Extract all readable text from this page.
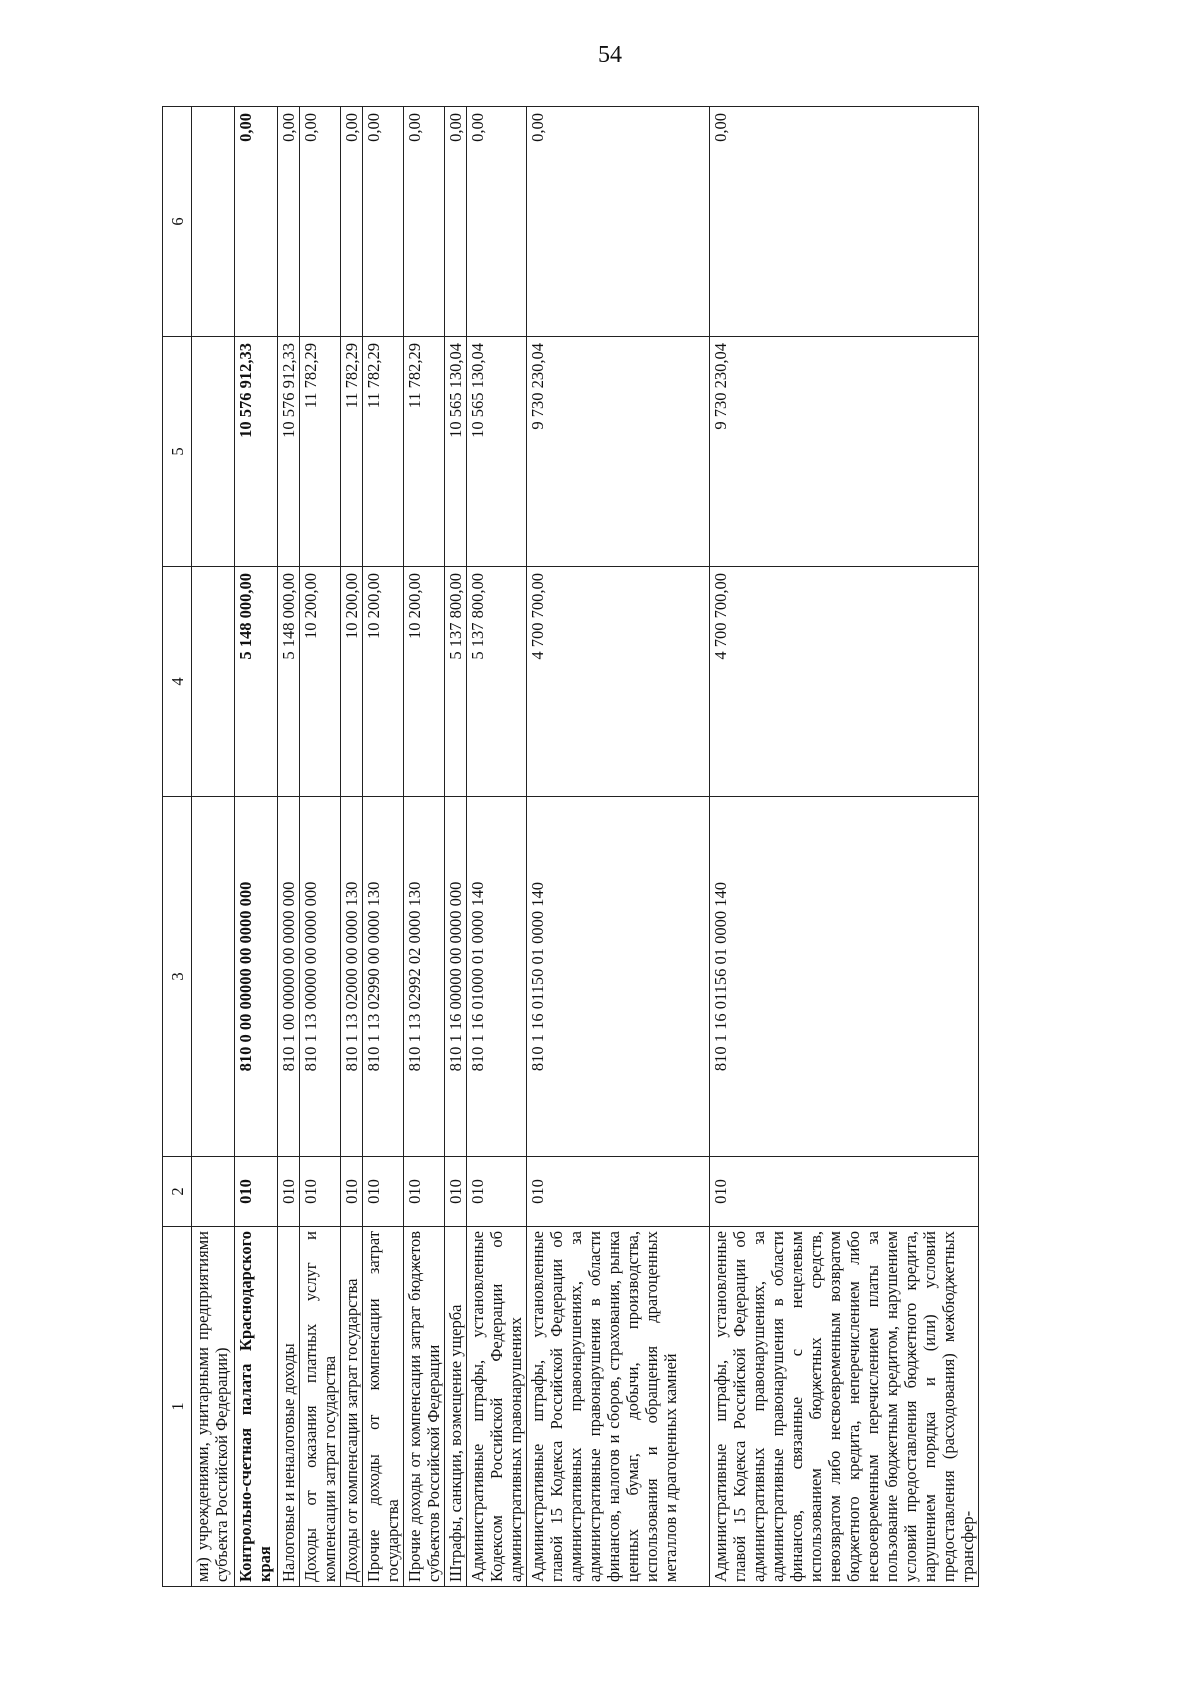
54
1	2	3	4	5	6
ми) учреждениями, унитарными предприятиями субъекта Российской Федерации)					
Контрольно-счетная палата Краснодарского края	010	810 0 00 00000 00 0000 000	5 148 000,00	10 576 912,33	0,00
Налоговые и неналоговые доходы	010	810 1 00 00000 00 0000 000	5 148 000,00	10 576 912,33	0,00
Доходы от оказания платных услуг и компенсации затрат государства	010	810 1 13 00000 00 0000 000	10 200,00	11 782,29	0,00
Доходы от компенсации затрат государства	010	810 1 13 02000 00 0000 130	10 200,00	11 782,29	0,00
Прочие доходы от компенсации затрат государства	010	810 1 13 02990 00 0000 130	10 200,00	11 782,29	0,00
Прочие доходы от компенсации затрат бюджетов субъектов Российской Федерации	010	810 1 13 02992 02 0000 130	10 200,00	11 782,29	0,00
Штрафы, санкции, возмещение ущерба	010	810 1 16 00000 00 0000 000	5 137 800,00	10 565 130,04	0,00
Административные штрафы, установленные Кодексом Российской Федерации об административных правонарушениях	010	810 1 16 01000 01 0000 140	5 137 800,00	10 565 130,04	0,00
Административные штрафы, установленные главой 15 Кодекса Российской Федерации об административных правонарушениях, за административные правонарушения в области финансов, налогов и сборов, страхования, рынка ценных бумаг, добычи, производства, использования и обращения драгоценных металлов и драгоценных камней	010	810 1 16 01150 01 0000 140	4 700 700,00	9 730 230,04	0,00
Административные штрафы, установленные главой 15 Кодекса Российской Федерации об административных правонарушениях, за административные правонарушения в области финансов, связанные с нецелевым использованием бюджетных средств, невозвратом либо несвоевременным возвратом бюджетного кредита, неперечислением либо несвоевременным перечислением платы за пользование бюджетным кредитом, нарушением условий предоставления бюджетного кредита, нарушением порядка и (или) условий предоставления (расходования) межбюджетных трансфер-	010	810 1 16 01156 01 0000 140	4 700 700,00	9 730 230,04	0,00
